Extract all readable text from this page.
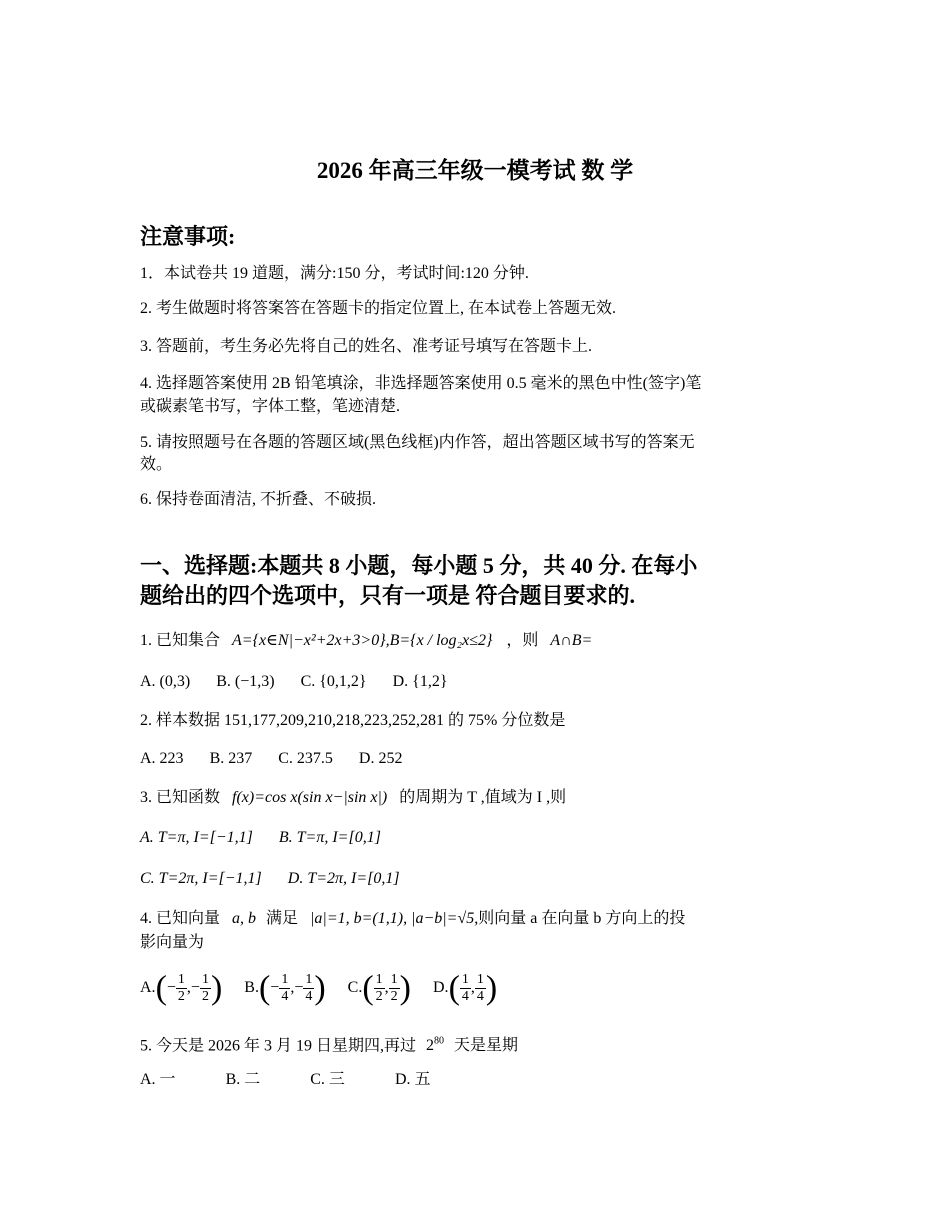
2026 年高三年级一模考试 数 学
注意事项:
1．本试卷共 19 道题，满分:150 分，考试时间:120 分钟.
2. 考生做题时将答案答在答题卡的指定位置上, 在本试卷上答题无效.
3. 答题前，考生务必先将自己的姓名、准考证号填写在答题卡上.
4. 选择题答案使用 2B 铅笔填涂，非选择题答案使用 0.5 毫米的黑色中性(签字)笔
或碳素笔书写，字体工整，笔迹清楚.
5. 请按照题号在各题的答题区域(黑色线框)内作答，超出答题区域书写的答案无
效。
6. 保持卷面清洁, 不折叠、不破损.
一、选择题:本题共 8 小题，每小题 5 分，共 40 分. 在每小
题给出的四个选项中，只有一项是 符合题目要求的.
1. 已知集合 A={x∈N|−x²+2x+3>0},B={x / log₂x≤2} ，则 A∩B=
A. (0,3) B. (−1,3) C. {0,1,2} D. {1,2}
2. 样本数据 151,177,209,210,218,223,252,281 的 75% 分位数是
A. 223 B. 237 C. 237.5 D. 252
3. 已知函数 f(x)=cos x(sin x−|sin x|) 的周期为 T ,值域为 I ,则
A. T=π, I=[−1,1] B. T=π, I=[0,1]
C. T=2π, I=[−1,1] D. T=2π, I=[0,1]
4. 已知向量 a, b 满足 |a|=1, b=(1,1), |a−b|=√5,则向量 a 在向量 b 方向上的投
影向量为
$A.(- \frac{1}{2}$ ,− $\frac{1}{2}$ ) $B.(- \frac{1}{4}$ ,− $\frac{1}{4}$ ) $C.( \frac{1}{2}$ , $\frac{1}{2}$ ) $D.( \frac{1}{4}$ , $\frac{1}{4}$ )
5. 今天是 2026 年 3 月 19 日星期四,再过 $2^{80}$ 天是星期
A. 一	B. 二	C. 三	D. 五
